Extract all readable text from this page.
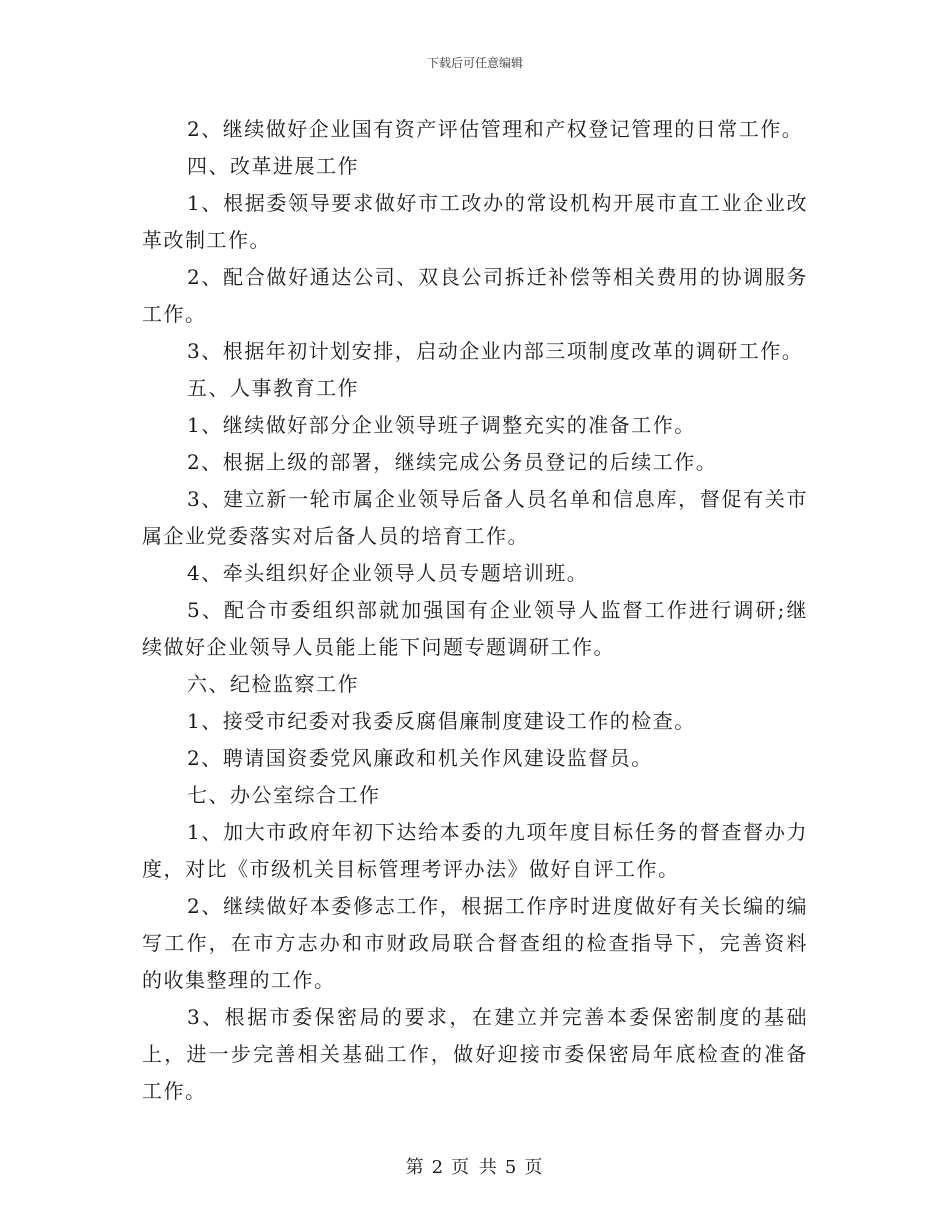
下载后可任意编辑

2、继续做好企业国有资产评估管理和产权登记管理的日常工作。

四、改革进展工作

1、根据委领导要求做好市工改办的常设机构开展市直工业企业改革改制工作。

2、配合做好通达公司、双良公司拆迁补偿等相关费用的协调服务工作。

3、根据年初计划安排，启动企业内部三项制度改革的调研工作。

五、人事教育工作

1、继续做好部分企业领导班子调整充实的准备工作。

2、根据上级的部署，继续完成公务员登记的后续工作。

3、建立新一轮市属企业领导后备人员名单和信息库，督促有关市属企业党委落实对后备人员的培育工作。

4、牵头组织好企业领导人员专题培训班。

5、配合市委组织部就加强国有企业领导人监督工作进行调研;继续做好企业领导人员能上能下问题专题调研工作。

六、纪检监察工作

1、接受市纪委对我委反腐倡廉制度建设工作的检查。

2、聘请国资委党风廉政和机关作风建设监督员。

七、办公室综合工作

1、加大市政府年初下达给本委的九项年度目标任务的督查督办力度，对比《市级机关目标管理考评办法》做好自评工作。

2、继续做好本委修志工作，根据工作序时进度做好有关长编的编写工作，在市方志办和市财政局联合督查组的检查指导下，完善资料的收集整理的工作。

3、根据市委保密局的要求，在建立并完善本委保密制度的基础上，进一步完善相关基础工作，做好迎接市委保密局年底检查的准备工作。

第 2 页 共 5 页
